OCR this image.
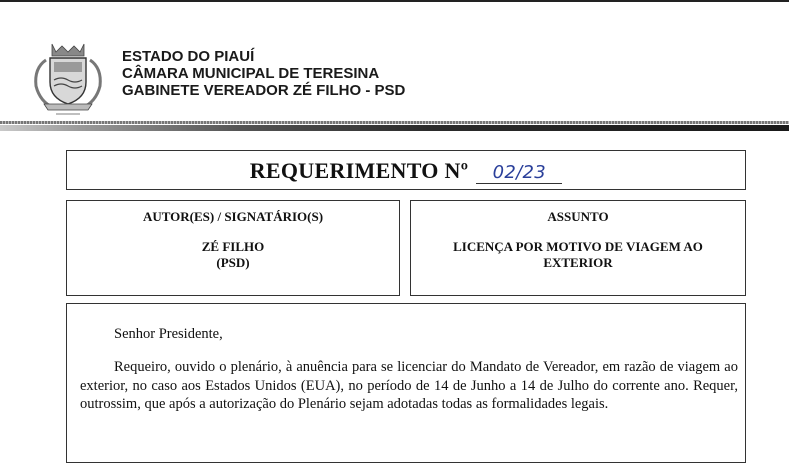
ESTADO DO PIAUÍ
CÂMARA MUNICIPAL DE TERESINA
GABINETE VEREADOR ZÉ FILHO - PSD
REQUERIMENTO Nº 02/23
AUTOR(ES) / SIGNATÁRIO(S)
ZÉ FILHO
(PSD)
ASSUNTO
LICENÇA POR MOTIVO DE VIAGEM AO
EXTERIOR
Senhor Presidente,
Requeiro, ouvido o plenário, à anuência para se licenciar do Mandato de Vereador, em razão de viagem ao exterior, no caso aos Estados Unidos (EUA), no período de 14 de Junho a 14 de Julho do corrente ano. Requer, outrossim, que após a autorização do Plenário sejam adotadas todas as formalidades legais.
